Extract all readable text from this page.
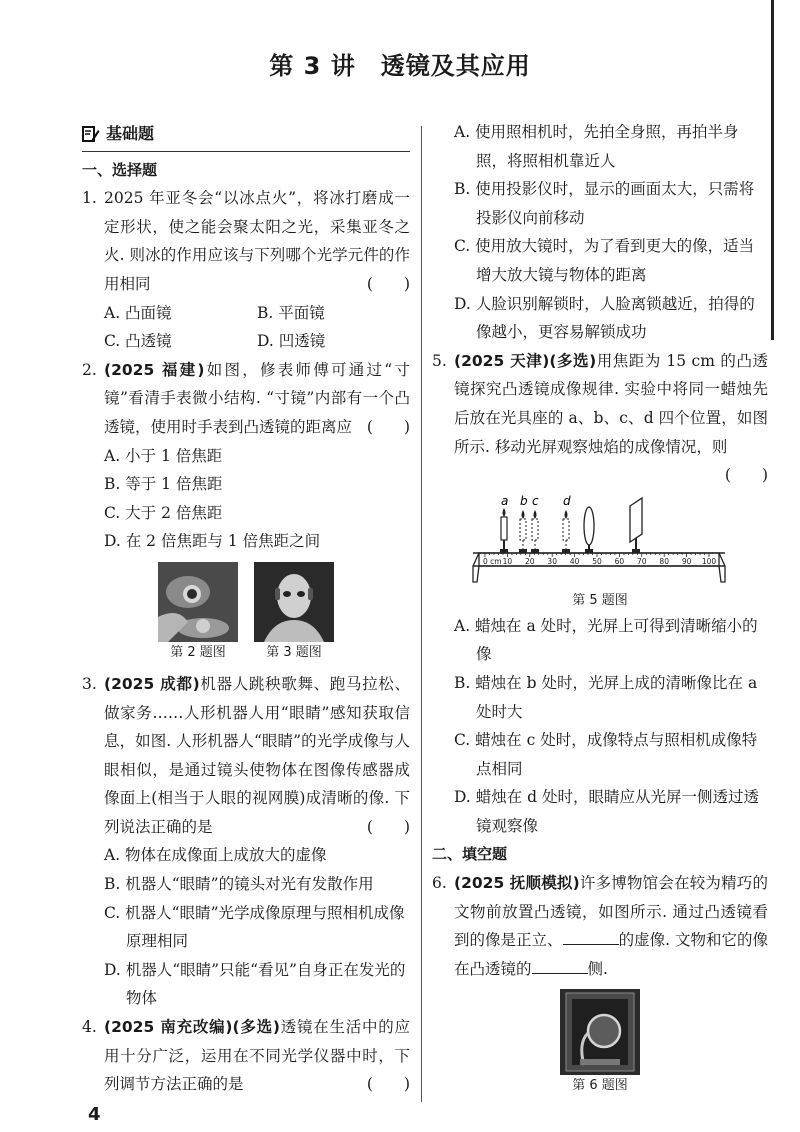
第 3 讲　透镜及其应用
基础题
一、选择题
1. 2025 年亚冬会“以冰点火”，将冰打磨成一定形状，使之能会聚太阳之光，采集亚冬之火. 则冰的作用应该与下列哪个光学元件的作用相同	(　　)
A. 凸面镜	B. 平面镜
C. 凸透镜	D. 凹透镜
2. (2025 福建)如图，修表师傅可通过“寸镜”看清手表微小结构. “寸镜”内部有一个凸透镜，使用时手表到凸透镜的距离应 (　　)
A. 小于 1 倍焦距
B. 等于 1 倍焦距
C. 大于 2 倍焦距
D. 在 2 倍焦距与 1 倍焦距之间
第 2 题图	第 3 题图
3. (2025 成都)机器人跳秧歌舞、跑马拉松、做家务……人形机器人用“眼睛”感知获取信息，如图. 人形机器人“眼睛”的光学成像与人眼相似，是通过镜头使物体在图像传感器成像面上(相当于人眼的视网膜)成清晰的像. 下列说法正确的是	(　　)
A. 物体在成像面上成放大的虚像
B. 机器人“眼睛”的镜头对光有发散作用
C. 机器人“眼睛”光学成像原理与照相机成像原理相同
D. 机器人“眼睛”只能“看见”自身正在发光的物体
4. (2025 南充改编)(多选)透镜在生活中的应用十分广泛，运用在不同光学仪器中时，下列调节方法正确的是	(　　)
A. 使用照相机时，先拍全身照，再拍半身照，将照相机靠近人
B. 使用投影仪时，显示的画面太大，只需将投影仪向前移动
C. 使用放大镜时，为了看到更大的像，适当增大放大镜与物体的距离
D. 人脸识别解锁时，人脸离锁越近，拍得的像越小，更容易解锁成功
5. (2025 天津)(多选)用焦距为 15 cm 的凸透镜探究凸透镜成像规律. 实验中将同一蜡烛先后放在光具座的 a、b、c、d 四个位置，如图所示. 移动光屏观察烛焰的成像情况，则
(　　)
a b c d
0 cm 10 20 30 40 50 60 70 80 90 100
第 5 题图
A. 蜡烛在 a 处时，光屏上可得到清晰缩小的像
B. 蜡烛在 b 处时，光屏上成的清晰像比在 a 处时大
C. 蜡烛在 c 处时，成像特点与照相机成像特点相同
D. 蜡烛在 d 处时，眼睛应从光屏一侧透过透镜观察像
二、填空题
6. (2025 抚顺模拟)许多博物馆会在较为精巧的文物前放置凸透镜，如图所示. 通过凸透镜看到的像是正立、	的虚像. 文物和它的像在凸透镜的	侧.
第 6 题图
4
